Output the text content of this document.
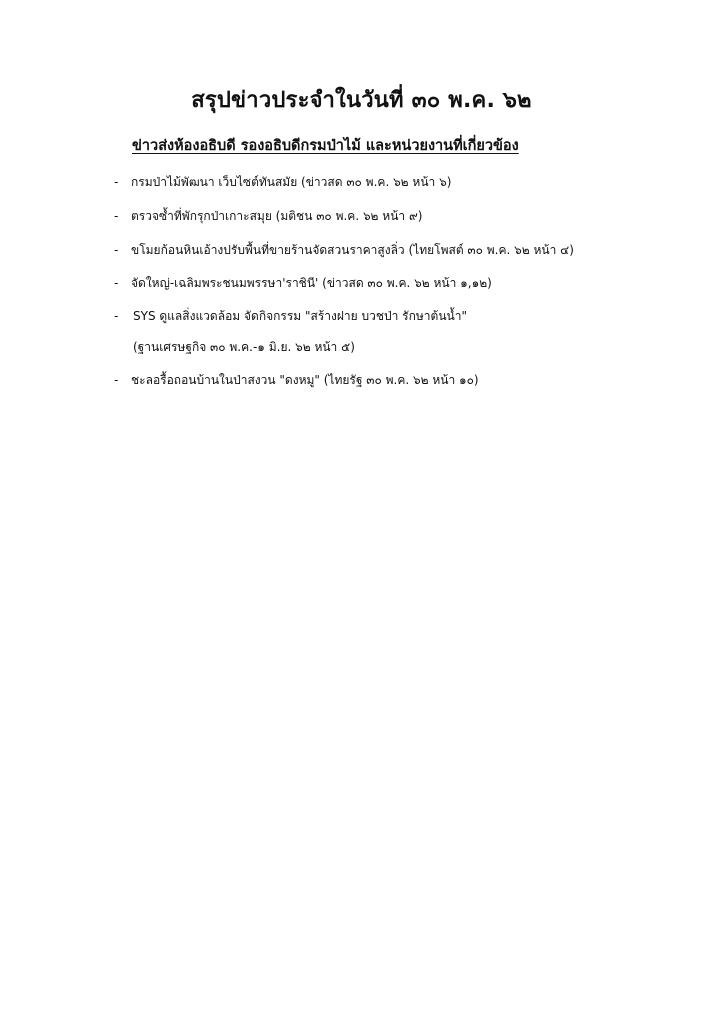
สรุปข่าวประจำในวันที่ ๓๐ พ.ค. ๖๒
ข่าวส่งห้องอธิบดี รองอธิบดีกรมป่าไม้ และหน่วยงานที่เกี่ยวข้อง
-	กรมป่าไม้พัฒนา เว็บไซต์ทันสมัย (ข่าวสด ๓๐ พ.ค. ๖๒ หน้า ๖)
-	ตรวจซ้ำที่พักรุกป่าเกาะสมุย (มติชน ๓๐ พ.ค. ๖๒ หน้า ๙)
-	ขโมยก้อนหินเอ้างปรับพื้นที่ขายร้านจัดสวนราคาสูงลิ่ว (ไทยโพสต์ ๓๐ พ.ค. ๖๒ หน้า ๔)
-	จัดใหญ่-เฉลิมพระชนมพรรษา'ราชินี' (ข่าวสด ๓๐ พ.ค. ๖๒ หน้า ๑,๑๒)
-	SYS ดูแลสิ่งแวดล้อม จัดกิจกรรม "สร้างฝาย บวชป่า รักษาต้นน้ำ"
(ฐานเศรษฐกิจ ๓๐ พ.ค.-๑ มิ.ย. ๖๒ หน้า ๕)
-	ชะลอรื้อถอนบ้านในป่าสงวน "ดงหมู" (ไทยรัฐ ๓๐ พ.ค. ๖๒ หน้า ๑๐)
